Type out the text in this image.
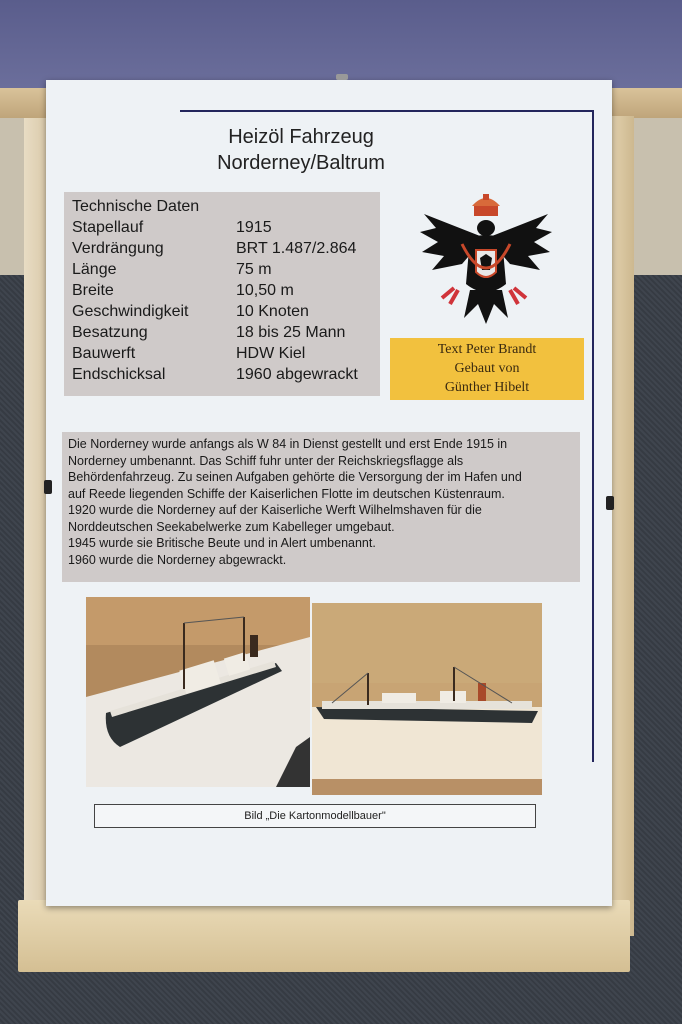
Heizöl Fahrzeug
Norderney/Baltrum
Technische Daten
Stapellauf	1915
Verdrängung	BRT 1.487/2.864
Länge	75 m
Breite	10,50 m
Geschwindigkeit	10 Knoten
Besatzung	18 bis 25 Mann
Bauwerft	HDW Kiel
Endschicksal	1960 abgewrackt
Text Peter Brandt
Gebaut von
Günther Hibelt
Die Norderney wurde anfangs als W 84 in Dienst gestellt und erst Ende 1915 in
Norderney umbenannt. Das Schiff fuhr unter der Reichskriegsflagge als
Behördenfahrzeug. Zu seinen Aufgaben gehörte die Versorgung der im Hafen und
auf Reede liegenden Schiffe der Kaiserlichen Flotte im deutschen Küstenraum.
1920 wurde die Norderney auf der Kaiserliche Werft Wilhelmshaven für die
Norddeutschen Seekabelwerke zum Kabelleger umgebaut.
1945 wurde sie Britische Beute und in Alert umbenannt.
1960 wurde die Norderney abgewrackt.
Bild „Die Kartonmodellbauer"
